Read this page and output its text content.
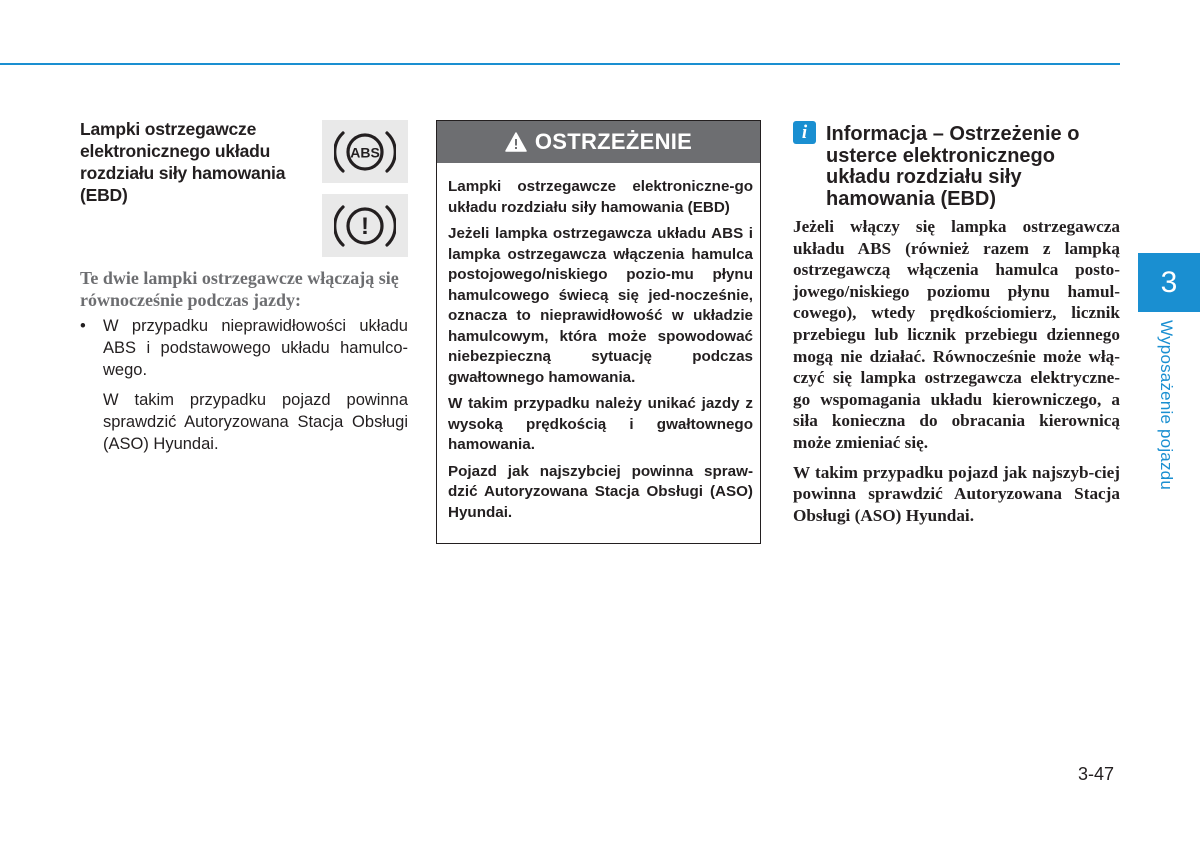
Lampki ostrzegawcze elektronicznego układu rozdziału siły hamowania (EBD)
ABS
!
Te dwie lampki ostrzegawcze włączają się równocześnie podczas jazdy:
• W przypadku nieprawidłowości układu ABS i podstawowego układu hamulco-wego.
W takim przypadku pojazd powinna sprawdzić Autoryzowana Stacja Obsługi (ASO) Hyundai.
OSTRZEŻENIE

Lampki ostrzegawcze elektroniczne-go układu rozdziału siły hamowania (EBD)

Jeżeli lampka ostrzegawcza układu ABS i lampka ostrzegawcza włączenia hamulca postojowego/niskiego pozio-mu płynu hamulcowego świecą się jed-nocześnie, oznacza to nieprawidłowość w układzie hamulcowym, która może spowodować niebezpieczną sytuację podczas gwałtownego hamowania.

W takim przypadku należy unikać jazdy z wysoką prędkością i gwałtownego hamowania.

Pojazd jak najszybciej powinna spraw-dzić Autoryzowana Stacja Obsługi (ASO) Hyundai.

i Informacja – Ostrzeżenie o usterce elektronicznego układu rozdziału siły hamowania (EBD)

Jeżeli włączy się lampka ostrzegawcza układu ABS (również razem z lampką ostrzegawczą włączenia hamulca posto-jowego/niskiego poziomu płynu hamul-cowego), wtedy prędkościomierz, licznik przebiegu lub licznik przebiegu dziennego mogą nie działać. Równocześnie może włą-czyć się lampka ostrzegawcza elektryczne-go wspomagania układu kierowniczego, a siła konieczna do obracania kierownicą może zmieniać się.

W takim przypadku pojazd jak najszyb-ciej powinna sprawdzić Autoryzowana Stacja Obsługi (ASO) Hyundai.

3
Wyposażenie pojazdu
3-47
